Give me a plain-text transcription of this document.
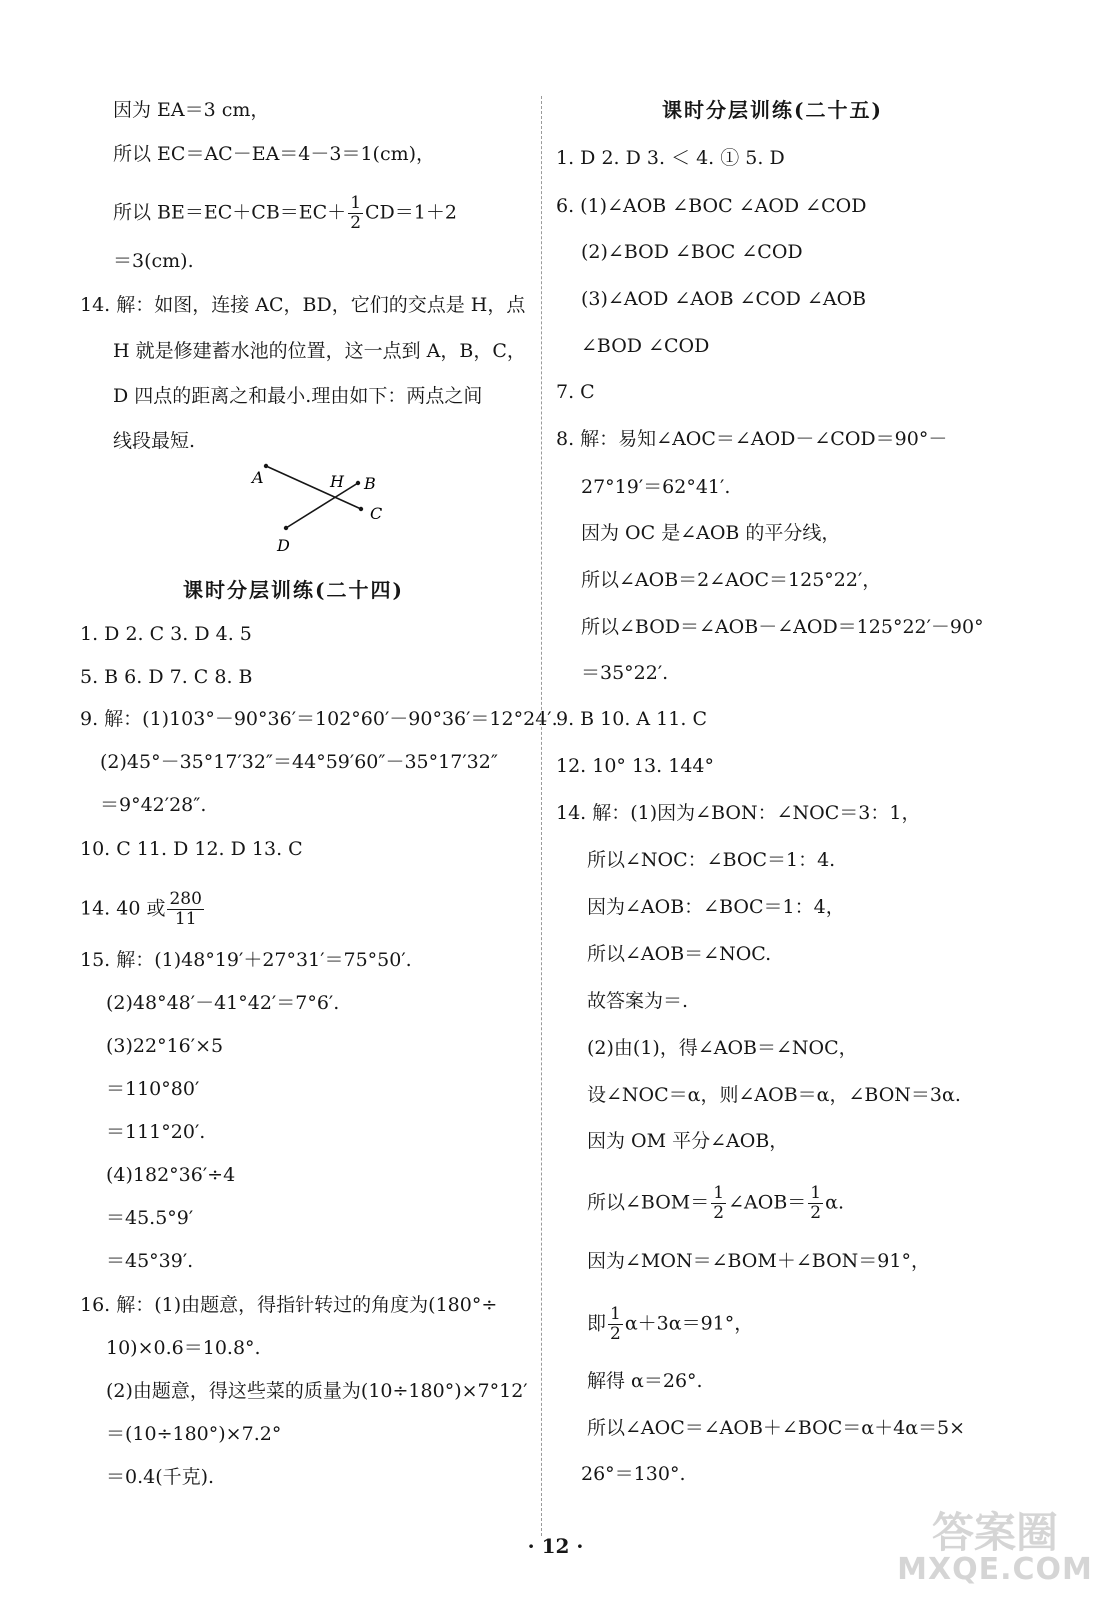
因为 EA＝3 cm，
所以 EC＝AC－EA＝4－3＝1(cm)，
所以 $BE=EC+CB=EC+ \frac{1}{2} CD=1+2$
＝3(cm).
14. 解：如图，连接 AC，BD，它们的交点是 H，点
H 就是修建蓄水池的位置，这一点到 A，B，C，
D 四点的距离之和最小.理由如下：两点之间
线段最短.
A	H B
C
D
课时分层训练(二十四)
1. D 2. C 3. D 4. 5
5. B 6. D 7. C 8. B
9. 解：(1)103°－90°36′＝102°60′－90°36′＝12°24′.
(2)45°－35°17′32″＝44°59′60″－35°17′32″
＝9°42′28″.
10. C 11. D 12. D 13. C
14. 40 或 $\frac{280}{11}$
15. 解：(1)48°19′＋27°31′＝75°50′.
(2)48°48′－41°42′＝7°6′.
(3)22°16′×5
＝110°80′
＝111°20′.
(4)182°36′÷4
＝45.5°9′
＝45°39′.
16. 解：(1)由题意，得指针转过的角度为(180°÷
10)×0.6＝10.8°.
(2)由题意，得这些菜的质量为(10÷180°)×7°12′
＝(10÷180°)×7.2°
＝0.4(千克).
课时分层训练(二十五)
1. D 2. D 3. ＜ 4. ① 5. D
6. (1)∠AOB ∠BOC ∠AOD ∠COD
(2)∠BOD ∠BOC ∠COD
(3)∠AOD ∠AOB ∠COD ∠AOB
∠BOD ∠COD
7. C
8. 解：易知∠AOC＝∠AOD－∠COD＝90°－
27°19′＝62°41′.
因为 OC 是∠AOB 的平分线，
所以∠AOB＝2∠AOC＝125°22′，
所以∠BOD＝∠AOB－∠AOD＝125°22′－90°
＝35°22′.
9. B 10. A 11. C
12. 10° 13. 144°
14. 解：(1)因为∠BON：∠NOC＝3：1，
所以∠NOC：∠BOC＝1：4.
因为∠AOB：∠BOC＝1：4，
所以∠AOB＝∠NOC.
故答案为＝.
(2)由(1)，得∠AOB＝∠NOC，
设∠NOC＝α，则∠AOB＝α，∠BON＝3α.
因为 OM 平分∠AOB，
所以∠BOM＝ $\frac{1}{2}$ ∠AOB＝ $\frac{1}{2} \alpha$.
因为∠MON＝∠BOM＋∠BON＝91°，
即 $\frac{1}{2} \alpha+3\alpha=91^\circ$，
解得 α＝26°.
所以∠AOC＝∠AOB＋∠BOC＝α＋4α＝5×
26°＝130°.
· 12 ·	答案圈
MXQE.COM
